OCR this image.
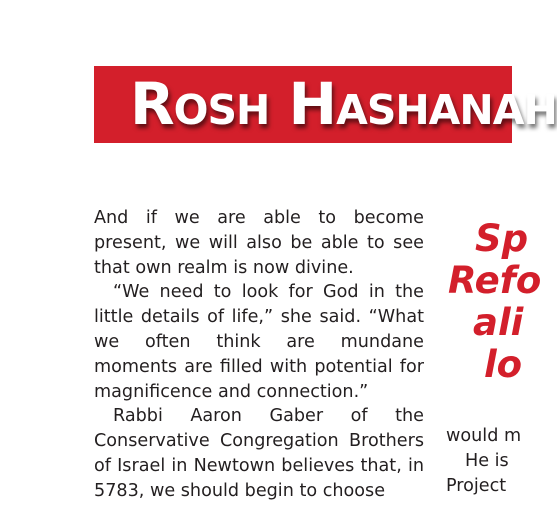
Rosh Hashanah

And if we are able to become present, we will also be able to see that own realm is now divine.

“We need to look for God in the little details of life,” she said. “What we often think are mundane moments are filled with potential for magnificence and connection.”

Rabbi Aaron Gaber of the Conservative Congregation Brothers of Israel in Newtown believes that, in 5783, we should begin to choose

Sp
Refo
ali
lo
would m
He is
Project
